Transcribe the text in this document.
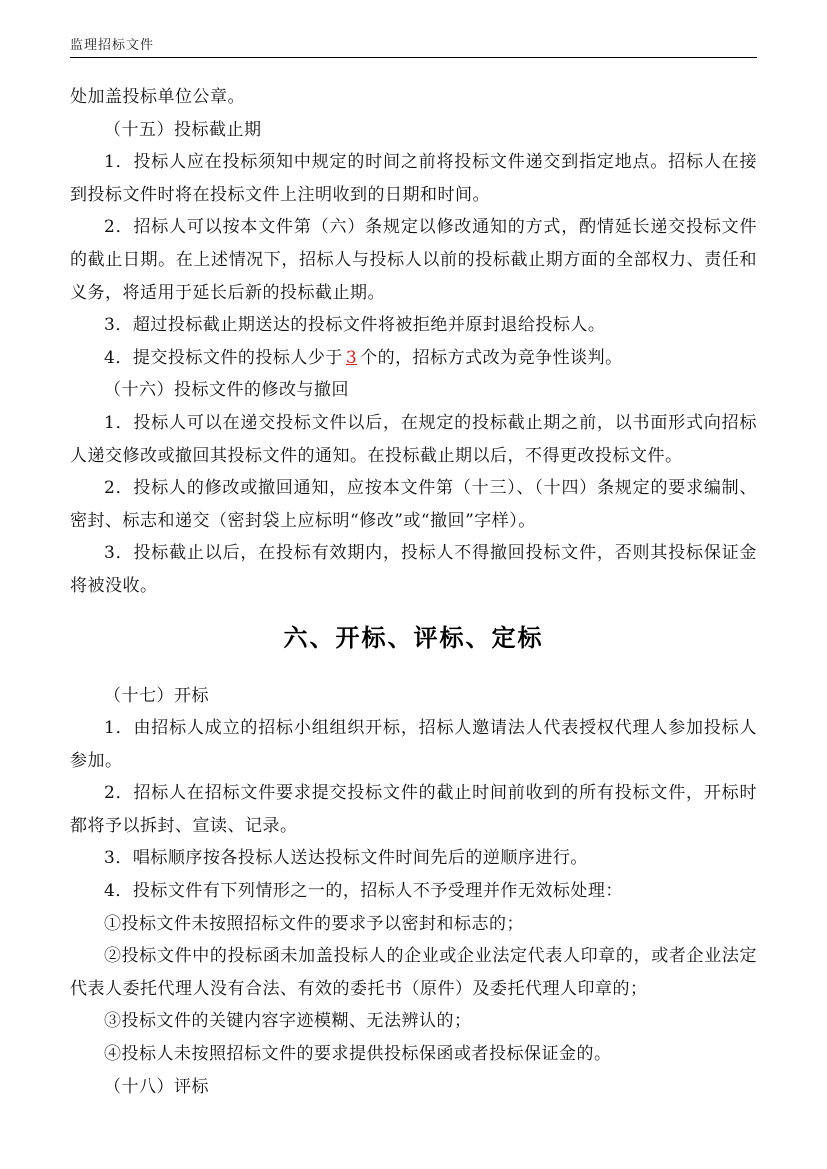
监理招标文件

处加盖投标单位公章。

（十五）投标截止期

1．投标人应在投标须知中规定的时间之前将投标文件递交到指定地点。招标人在接到投标文件时将在投标文件上注明收到的日期和时间。

2．招标人可以按本文件第（六）条规定以修改通知的方式，酌情延长递交投标文件的截止日期。在上述情况下，招标人与投标人以前的投标截止期方面的全部权力、责任和义务，将适用于延长后新的投标截止期。

3．超过投标截止期送达的投标文件将被拒绝并原封退给投标人。

4．提交投标文件的投标人少于 3 个的，招标方式改为竞争性谈判。

（十六）投标文件的修改与撤回

1．投标人可以在递交投标文件以后，在规定的投标截止期之前，以书面形式向招标人递交修改或撤回其投标文件的通知。在投标截止期以后，不得更改投标文件。

2．投标人的修改或撤回通知，应按本文件第（十三）、（十四）条规定的要求编制、密封、标志和递交（密封袋上应标明“修改”或“撤回”字样）。

3．投标截止以后，在投标有效期内，投标人不得撤回投标文件，否则其投标保证金将被没收。

六、开标、评标、定标

（十七）开标

1．由招标人成立的招标小组组织开标，招标人邀请法人代表授权代理人参加投标人参加。

2．招标人在招标文件要求提交投标文件的截止时间前收到的所有投标文件，开标时都将予以拆封、宣读、记录。

3．唱标顺序按各投标人送达投标文件时间先后的逆顺序进行。

4．投标文件有下列情形之一的，招标人不予受理并作无效标处理：

①投标文件未按照招标文件的要求予以密封和标志的；

②投标文件中的投标函未加盖投标人的企业或企业法定代表人印章的，或者企业法定代表人委托代理人没有合法、有效的委托书（原件）及委托代理人印章的；

③投标文件的关键内容字迹模糊、无法辨认的；

④投标人未按照招标文件的要求提供投标保函或者投标保证金的。

（十八）评标
